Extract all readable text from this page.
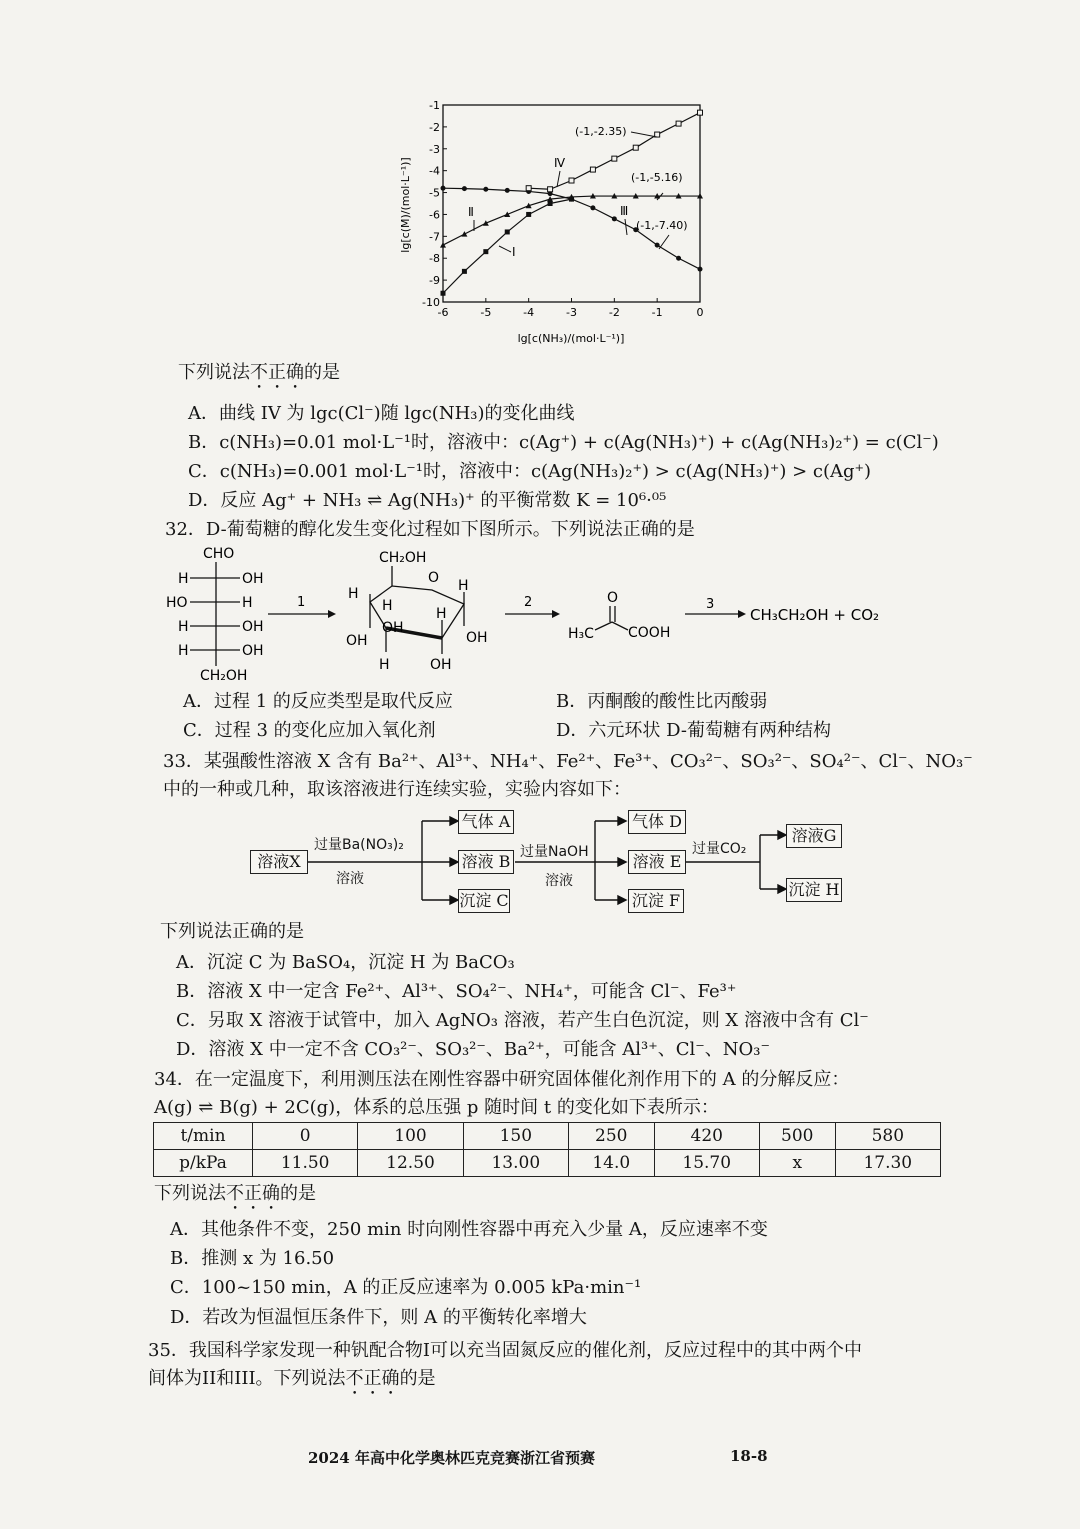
-6	-5	-4	-3	-2	-1	0
-1
-2
-3
-4
-5
-6
-7
-8
-9
-10
lg[c(M)/(mol·L⁻¹)]
lg[c(NH₃)/(mol·L⁻¹)]
(-1,-2.35)
(-1,-5.16)
(-1,-7.40)
Ⅳ
Ⅱ	Ⅲ
Ⅰ
下列说法不正确的是
A．曲线 IV 为 lgc(Cl⁻)随 lgc(NH₃)的变化曲线
B．c(NH₃)=0.01 mol·L⁻¹时，溶液中：c(Ag⁺) + c(Ag(NH₃)⁺) + c(Ag(NH₃)₂⁺) = c(Cl⁻)
C．c(NH₃)=0.001 mol·L⁻¹时，溶液中：c(Ag(NH₃)₂⁺) > c(Ag(NH₃)⁺) > c(Ag⁺)
D．反应 Ag⁺ + NH₃ ⇌ Ag(NH₃)⁺ 的平衡常数 K = 10⁶·⁰⁵
32．D-葡萄糖的醇化发生变化过程如下图所示。下列说法正确的是
CHO
H	OH
HO	H
H	OH
H	OH
CH₂OH
1
CH₂OH
O H
OH
H
H
OH
OH
H
H
OH
2	O
H₃C COOH
3
CH₃CH₂OH + CO₂
A．过程 1 的反应类型是取代反应	B．丙酮酸的酸性比丙酸弱
C．过程 3 的变化应加入氧化剂	D．六元环状 D-葡萄糖有两种结构
33．某强酸性溶液 X 含有 Ba²⁺、Al³⁺、NH₄⁺、Fe²⁺、Fe³⁺、CO₃²⁻、SO₃²⁻、SO₄²⁻、Cl⁻、NO₃⁻
中的一种或几种，取该溶液进行连续实验，实验内容如下：
溶液X
过量Ba(NO₃)₂
溶液
气体 A
溶液 B
沉淀 C
过量NaOH
溶液
气体 D
溶液 E
沉淀 F
过量CO₂
溶液G
沉淀 H
下列说法正确的是
A．沉淀 C 为 BaSO₄，沉淀 H 为 BaCO₃
B．溶液 X 中一定含 Fe²⁺、Al³⁺、SO₄²⁻、NH₄⁺，可能含 Cl⁻、Fe³⁺
C．另取 X 溶液于试管中，加入 AgNO₃ 溶液，若产生白色沉淀，则 X 溶液中含有 Cl⁻
D．溶液 X 中一定不含 CO₃²⁻、SO₃²⁻、Ba²⁺，可能含 Al³⁺、Cl⁻、NO₃⁻
34．在一定温度下，利用测压法在刚性容器中研究固体催化剂作用下的 A 的分解反应：
A(g) ⇌ B(g) + 2C(g)，体系的总压强 p 随时间 t 的变化如下表所示：
t/min	0	100	150	250	420	500	580
p/kPa	11.50	12.50	13.00	14.0	15.70	x	17.30
下列说法不正确的是
A．其他条件不变，250 min 时向刚性容器中再充入少量 A，反应速率不变
B．推测 x 为 16.50
C．100~150 min，A 的正反应速率为 0.005 kPa·min⁻¹
D．若改为恒温恒压条件下，则 A 的平衡转化率增大
35．我国科学家发现一种钒配合物I可以充当固氮反应的催化剂，反应过程中的其中两个中
间体为II和III。下列说法不正确的是
2024 年高中化学奥林匹克竞赛浙江省预赛	18-8
